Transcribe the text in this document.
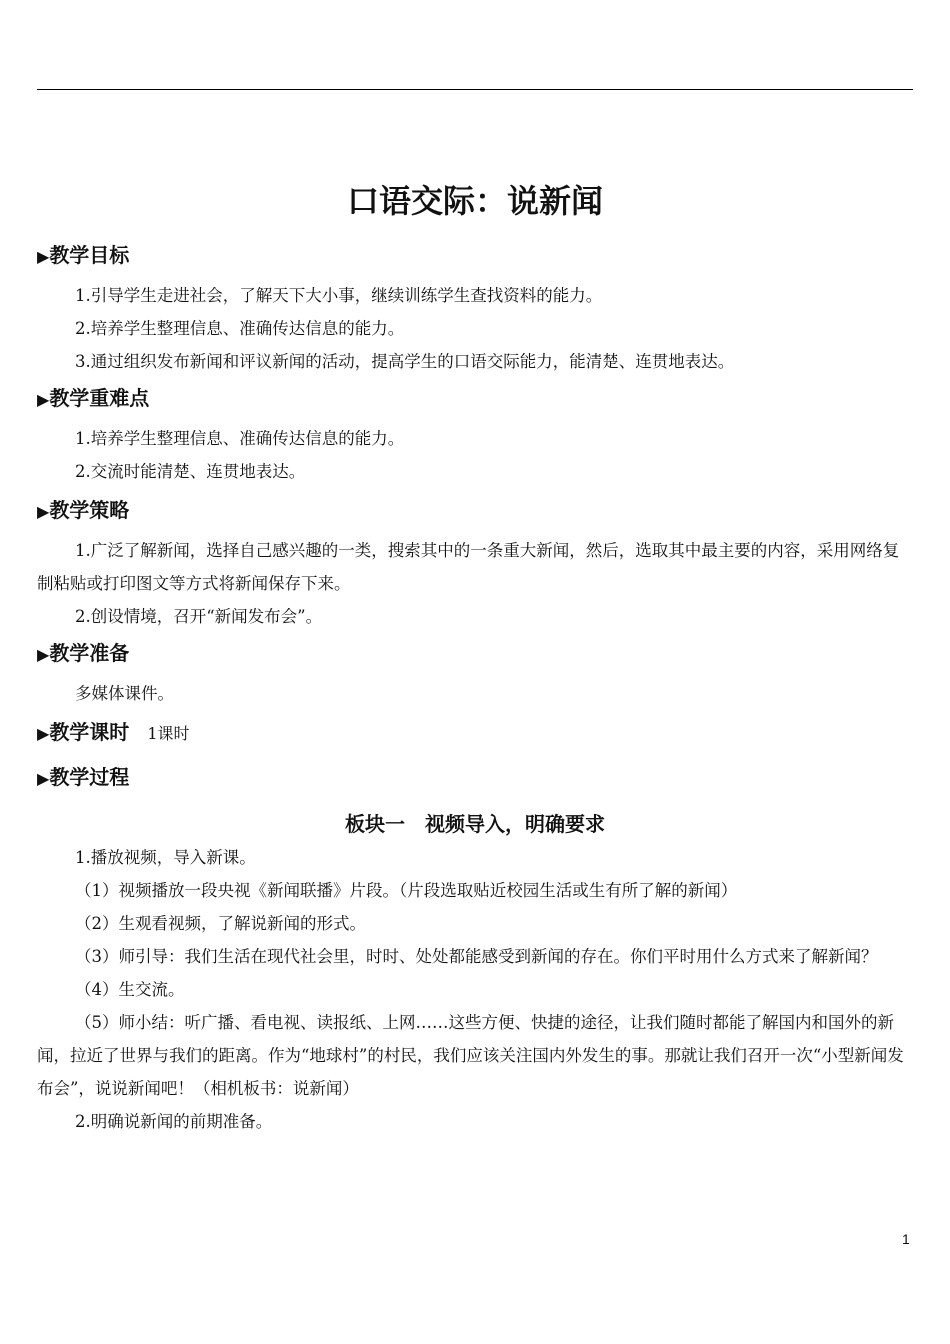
口语交际：说新闻
▶教学目标

1.引导学生走进社会，了解天下大小事，继续训练学生查找资料的能力。

2.培养学生整理信息、准确传达信息的能力。

3.通过组织发布新闻和评议新闻的活动，提高学生的口语交际能力，能清楚、连贯地表达。

▶教学重难点

1.培养学生整理信息、准确传达信息的能力。

2.交流时能清楚、连贯地表达。

▶教学策略

1.广泛了解新闻，选择自己感兴趣的一类，搜索其中的一条重大新闻，然后，选取其中最主要的内容，采用网络复制粘贴或打印图文等方式将新闻保存下来。

2.创设情境，召开“新闻发布会”。

▶教学准备

多媒体课件。

▶教学课时 1课时
▶教学过程
板块一　视频导入，明确要求

1.播放视频，导入新课。

（1）视频播放一段央视《新闻联播》片段。（片段选取贴近校园生活或生有所了解的新闻）

（2）生观看视频，了解说新闻的形式。

（3）师引导：我们生活在现代社会里，时时、处处都能感受到新闻的存在。你们平时用什么方式来了解新闻？

（4）生交流。

（5）师小结：听广播、看电视、读报纸、上网……这些方便、快捷的途径，让我们随时都能了解国内和国外的新闻，拉近了世界与我们的距离。作为“地球村”的村民，我们应该关注国内外发生的事。那就让我们召开一次“小型新闻发布会”，说说新闻吧！（相机板书：说新闻）

2.明确说新闻的前期准备。

1
